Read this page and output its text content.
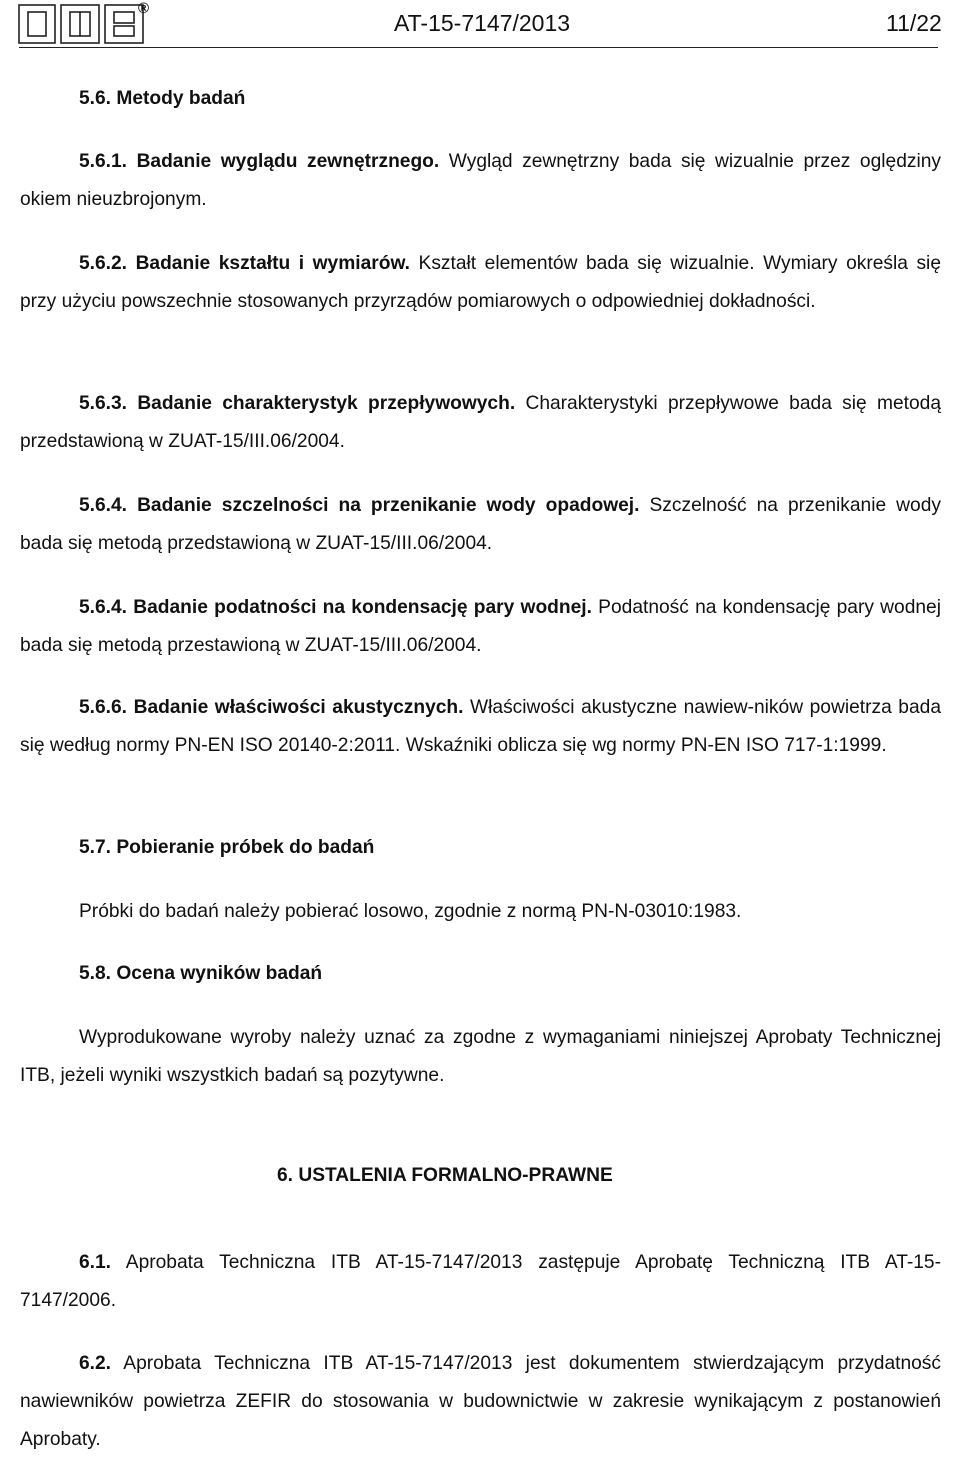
®
AT-15-7147/2013	11/22

5.6. Metody badań

5.6.1. Badanie wyglądu zewnętrznego. Wygląd zewnętrzny bada się wizualnie przez oględziny okiem nieuzbrojonym.

5.6.2. Badanie kształtu i wymiarów. Kształt elementów bada się wizualnie. Wymiary określa się przy użyciu powszechnie stosowanych przyrządów pomiarowych o odpowiedniej dokładności.

5.6.3. Badanie charakterystyk przepływowych. Charakterystyki przepływowe bada się metodą przedstawioną w ZUAT-15/III.06/2004.

5.6.4. Badanie szczelności na przenikanie wody opadowej. Szczelność na przenikanie wody bada się metodą przedstawioną w ZUAT-15/III.06/2004.

5.6.4. Badanie podatności na kondensację pary wodnej. Podatność na kondensację pary wodnej bada się metodą przestawioną w ZUAT-15/III.06/2004.

5.6.6. Badanie właściwości akustycznych. Właściwości akustyczne nawiew-ników powietrza bada się według normy PN-EN ISO 20140-2:2011. Wskaźniki oblicza się wg normy PN-EN ISO 717-1:1999.

5.7. Pobieranie próbek do badań

Próbki do badań należy pobierać losowo, zgodnie z normą PN-N-03010:1983.

5.8. Ocena wyników badań

Wyprodukowane wyroby należy uznać za zgodne z wymaganiami niniejszej Aprobaty Technicznej ITB, jeżeli wyniki wszystkich badań są pozytywne.

6. USTALENIA FORMALNO-PRAWNE

6.1. Aprobata Techniczna ITB AT-15-7147/2013 zastępuje Aprobatę Techniczną ITB AT-15-7147/2006.

6.2. Aprobata Techniczna ITB AT-15-7147/2013 jest dokumentem stwierdzającym przydatność nawiewników powietrza ZEFIR do stosowania w budownictwie w zakresie wynikającym z postanowień Aprobaty.
